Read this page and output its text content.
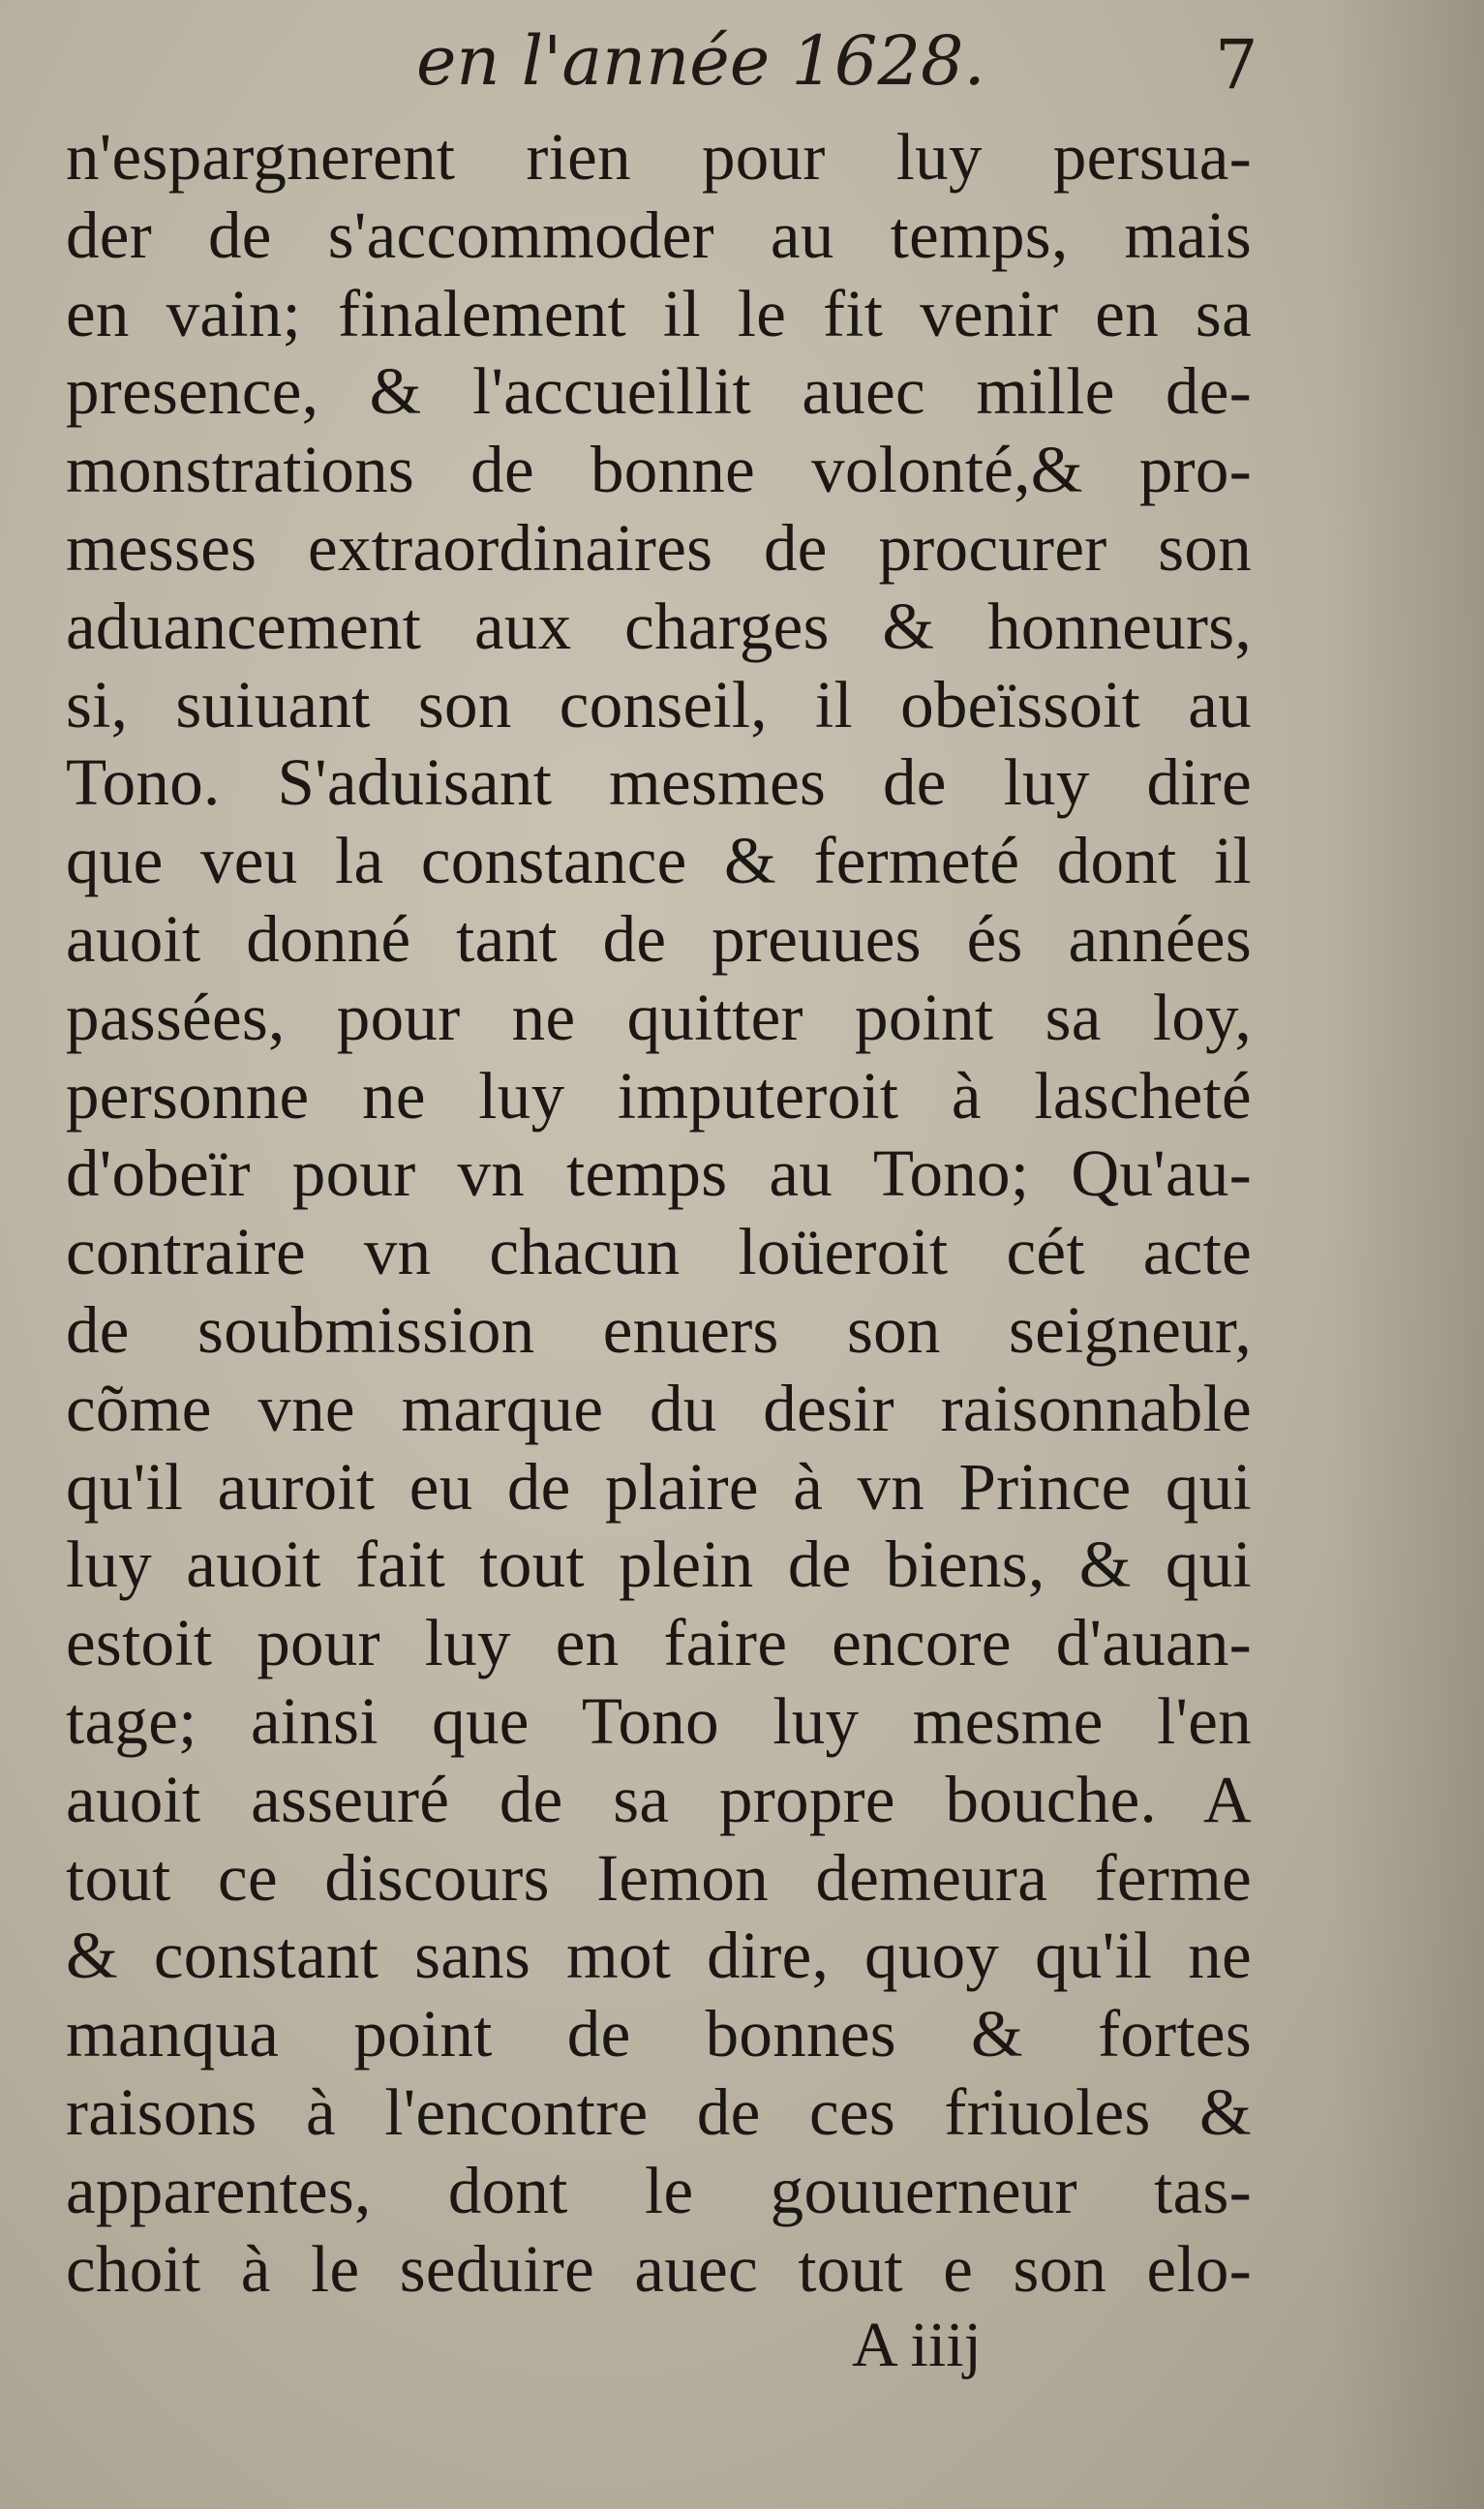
en l'année 1628.	7
n'espargnerent rien pour luy persua-
der de s'accommoder au temps, mais
en vain; finalement il le fit venir en sa
presence, & l'accueillit auec mille de-
monstrations de bonne volonté,& pro-
messes extraordinaires de procurer son
aduancement aux charges & honneurs,
si, suiuant son conseil, il obeïssoit au
Tono. S'aduisant mesmes de luy dire
que veu la constance & fermeté dont il
auoit donné tant de preuues és années
passées, pour ne quitter point sa loy,
personne ne luy imputeroit à lascheté
d'obeïr pour vn temps au Tono; Qu'au-
contraire vn chacun loüeroit cét acte
de soubmission enuers son seigneur,
cõme vne marque du desir raisonnable
qu'il auroit eu de plaire à vn Prince qui
luy auoit fait tout plein de biens, & qui
estoit pour luy en faire encore d'auan-
tage; ainsi que Tono luy mesme l'en
auoit asseuré de sa propre bouche. A
tout ce discours Iemon demeura ferme
& constant sans mot dire, quoy qu'il ne
manqua point de bonnes & fortes
raisons à l'encontre de ces friuoles &
apparentes, dont le gouuerneur tas-
choit à le seduire auec tout e son elo-
A iiij
